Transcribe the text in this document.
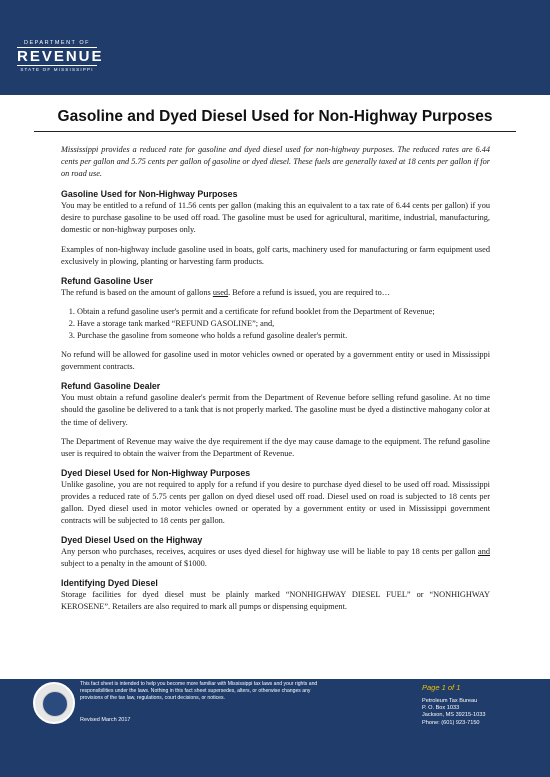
DEPARTMENT OF
REVENUE
STATE OF MISSISSIPPI
Gasoline and Dyed Diesel Used for Non-Highway Purposes

Mississippi provides a reduced rate for gasoline and dyed diesel used for non-highway purposes. The reduced rates are 6.44 cents per gallon and 5.75 cents per gallon of gasoline or dyed diesel. These fuels are generally taxed at 18 cents per gallon if for on road use.

Gasoline Used for Non-Highway Purposes

You may be entitled to a refund of 11.56 cents per gallon (making this an equivalent to a tax rate of 6.44 cents per gallon) if you desire to purchase gasoline to be used off road. The gasoline must be used for agricultural, maritime, industrial, manufacturing, domestic or non-highway purposes only.

Examples of non-highway include gasoline used in boats, golf carts, machinery used for manufacturing or farm equipment used exclusively in plowing, planting or harvesting farm products.

Refund Gasoline User

The refund is based on the amount of gallons used. Before a refund is issued, you are required to…

1. Obtain a refund gasoline user's permit and a certificate for refund booklet from the Department of Revenue;
2. Have a storage tank marked “REFUND GASOLINE”; and,
3. Purchase the gasoline from someone who holds a refund gasoline dealer's permit.

No refund will be allowed for gasoline used in motor vehicles owned or operated by a government entity or used in Mississippi government contracts.

Refund Gasoline Dealer

You must obtain a refund gasoline dealer's permit from the Department of Revenue before selling refund gasoline. At no time should the gasoline be delivered to a tank that is not properly marked. The gasoline must be dyed a distinctive mahogany color at the time of delivery.

The Department of Revenue may waive the dye requirement if the dye may cause damage to the equipment. The refund gasoline user is required to obtain the waiver from the Department of Revenue.

Dyed Diesel Used for Non-Highway Purposes

Unlike gasoline, you are not required to apply for a refund if you desire to purchase dyed diesel to be used off road. Mississippi provides a reduced rate of 5.75 cents per gallon on dyed diesel used off road. Diesel used on road is subjected to 18 cents per gallon. Dyed diesel used in motor vehicles owned or operated by a government entity or used in Mississippi government contracts will be subjected to 18 cents per gallon.

Dyed Diesel Used on the Highway

Any person who purchases, receives, acquires or uses dyed diesel for highway use will be liable to pay 18 cents per gallon and subject to a penalty in the amount of $1000.

Identifying Dyed Diesel

Storage facilities for dyed diesel must be plainly marked “NONHIGHWAY DIESEL FUEL” or “NONHIGHWAY KEROSENE”. Retailers are also required to mark all pumps or dispensing equipment.

This fact sheet is intended to help you become more familiar with Mississippi tax laws and your rights and responsibilities under the laws. Nothing in this fact sheet supersedes, alters, or otherwise changes any provisions of the tax law, regulations, court decisions, or notices.
Revised March 2017
Page 1 of 1
Petroleum Tax Bureau
P. O. Box 1033
Jackson, MS 39215-1033
Phone: (601) 923-7150
